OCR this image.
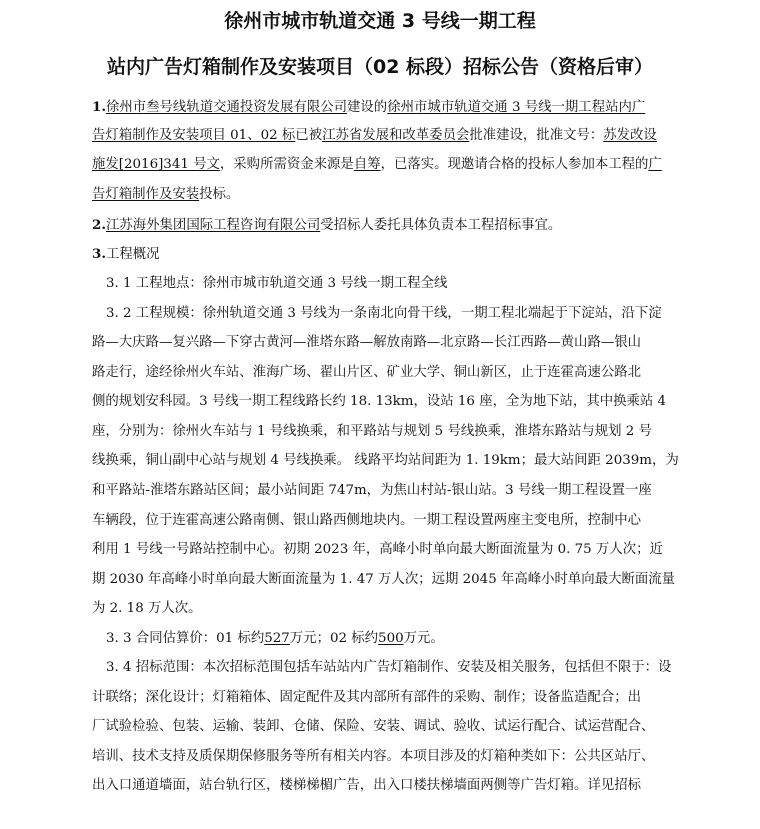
徐州市城市轨道交通 3 号线一期工程
站内广告灯箱制作及安装项目（02 标段）招标公告（资格后审）
1.徐州市叁号线轨道交通投资发展有限公司建设的徐州市城市轨道交通 3 号线一期工程站内广
告灯箱制作及安装项目 01、02 标已被江苏省发展和改革委员会批准建设，批准文号：苏发改设
施发[2016]341 号文，采购所需资金来源是自筹，已落实。现邀请合格的投标人参加本工程的广
告灯箱制作及安装投标。
2.江苏海外集团国际工程咨询有限公司受招标人委托具体负责本工程招标事宜。
3.工程概况
3. 1 工程地点：徐州市城市轨道交通 3 号线一期工程全线
3. 2 工程规模：徐州轨道交通 3 号线为一条南北向骨干线，一期工程北端起于下淀站，沿下淀
路—大庆路—复兴路—下穿古黄河—淮塔东路—解放南路—北京路—长江西路—黄山路—银山
路走行，途经徐州火车站、淮海广场、翟山片区、矿业大学、铜山新区，止于连霍高速公路北
侧的规划安科园。3 号线一期工程线路长约 18. 13km，设站 16 座，全为地下站，其中换乘站 4
座，分别为：徐州火车站与 1 号线换乘，和平路站与规划 5 号线换乘，淮塔东路站与规划 2 号
线换乘，铜山副中心站与规划 4 号线换乘。 线路平均站间距为 1. 19km；最大站间距 2039m，为
和平路站-淮塔东路站区间；最小站间距 747m，为焦山村站-银山站。3 号线一期工程设置一座
车辆段，位于连霍高速公路南侧、银山路西侧地块内。一期工程设置两座主变电所，控制中心
利用 1 号线一号路站控制中心。初期 2023 年，高峰小时单向最大断面流量为 0. 75 万人次；近
期 2030 年高峰小时单向最大断面流量为 1. 47 万人次；远期 2045 年高峰小时单向最大断面流量
为 2. 18 万人次。
3. 3 合同估算价：01 标约527万元；02 标约500万元。
3. 4 招标范围：本次招标范围包括车站站内广告灯箱制作、安装及相关服务，包括但不限于：设
计联络；深化设计；灯箱箱体、固定配件及其内部所有部件的采购、制作；设备监造配合；出
厂试验检验、包装、运输、装卸、仓储、保险、安装、调试、验收、试运行配合、试运营配合、
培训、技术支持及质保期保修服务等所有相关内容。本项目涉及的灯箱种类如下：公共区站厅、
出入口通道墙面，站台轨行区，楼梯梯楣广告，出入口楼扶梯墙面两侧等广告灯箱。详见招标
